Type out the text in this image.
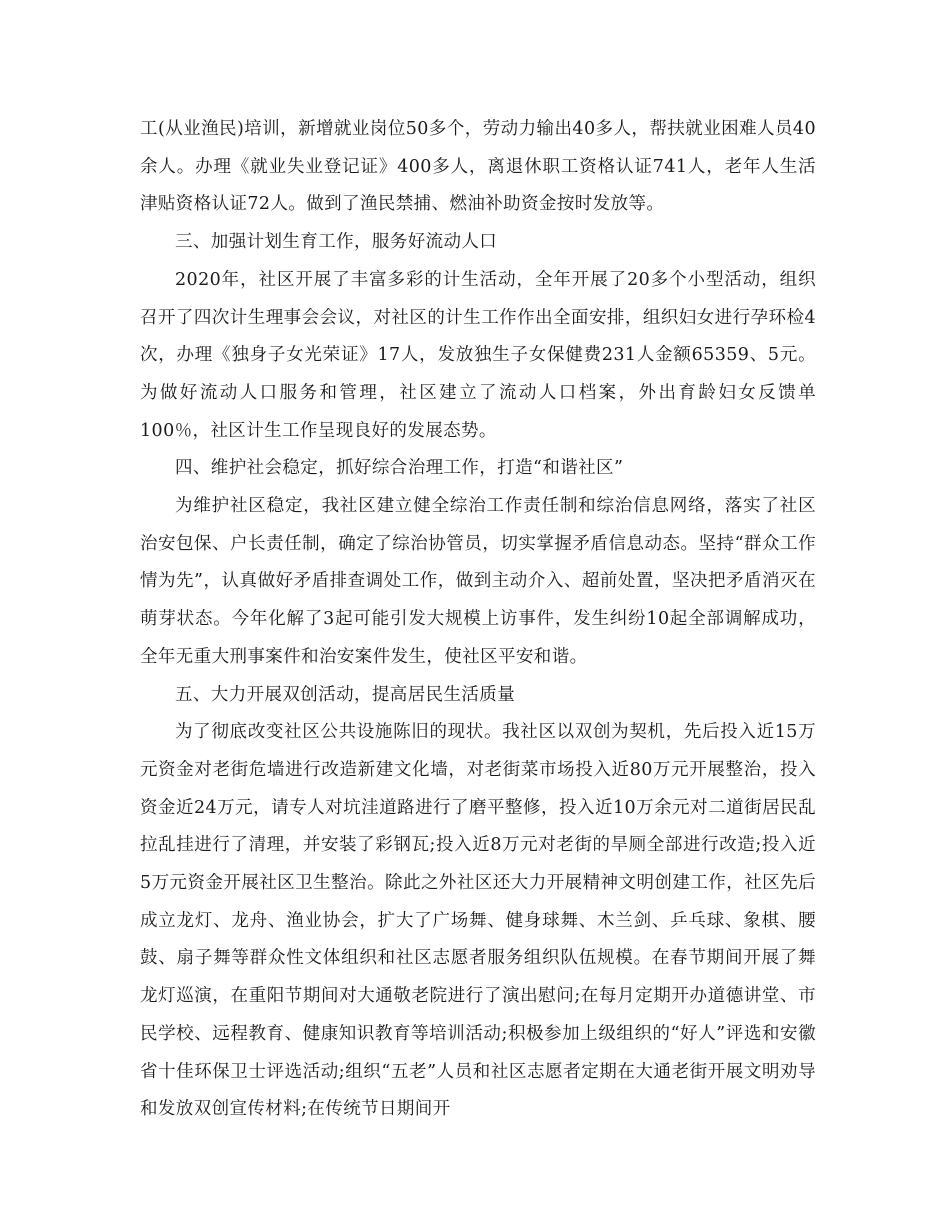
工(从业渔民)培训，新增就业岗位50多个，劳动力输出40多人，帮扶就业困难人员40余人。办理《就业失业登记证》400多人，离退休职工资格认证741人，老年人生活津贴资格认证72人。做到了渔民禁捕、燃油补助资金按时发放等。

三、加强计划生育工作，服务好流动人口

2020年，社区开展了丰富多彩的计生活动，全年开展了20多个小型活动，组织召开了四次计生理事会会议，对社区的计生工作作出全面安排，组织妇女进行孕环检4次，办理《独身子女光荣证》17人，发放独生子女保健费231人金额65359、5元。为做好流动人口服务和管理，社区建立了流动人口档案，外出育龄妇女反馈单100％，社区计生工作呈现良好的发展态势。

四、维护社会稳定，抓好综合治理工作，打造“和谐社区”

为维护社区稳定，我社区建立健全综治工作责任制和综治信息网络，落实了社区治安包保、户长责任制，确定了综治协管员，切实掌握矛盾信息动态。坚持“群众工作情为先”，认真做好矛盾排查调处工作，做到主动介入、超前处置，坚决把矛盾消灭在萌芽状态。今年化解了3起可能引发大规模上访事件，发生纠纷10起全部调解成功，全年无重大刑事案件和治安案件发生，使社区平安和谐。

五、大力开展双创活动，提高居民生活质量

为了彻底改变社区公共设施陈旧的现状。我社区以双创为契机，先后投入近15万元资金对老街危墙进行改造新建文化墙，对老街菜市场投入近80万元开展整治，投入资金近24万元，请专人对坑洼道路进行了磨平整修，投入近10万余元对二道街居民乱拉乱挂进行了清理，并安装了彩钢瓦;投入近8万元对老街的旱厕全部进行改造;投入近5万元资金开展社区卫生整治。除此之外社区还大力开展精神文明创建工作，社区先后成立龙灯、龙舟、渔业协会，扩大了广场舞、健身球舞、木兰剑、乒乓球、象棋、腰鼓、扇子舞等群众性文体组织和社区志愿者服务组织队伍规模。在春节期间开展了舞龙灯巡演，在重阳节期间对大通敬老院进行了演出慰问;在每月定期开办道德讲堂、市民学校、远程教育、健康知识教育等培训活动;积极参加上级组织的“好人”评选和安徽省十佳环保卫士评选活动;组织“五老”人员和社区志愿者定期在大通老街开展文明劝导和发放双创宣传材料;在传统节日期间开
